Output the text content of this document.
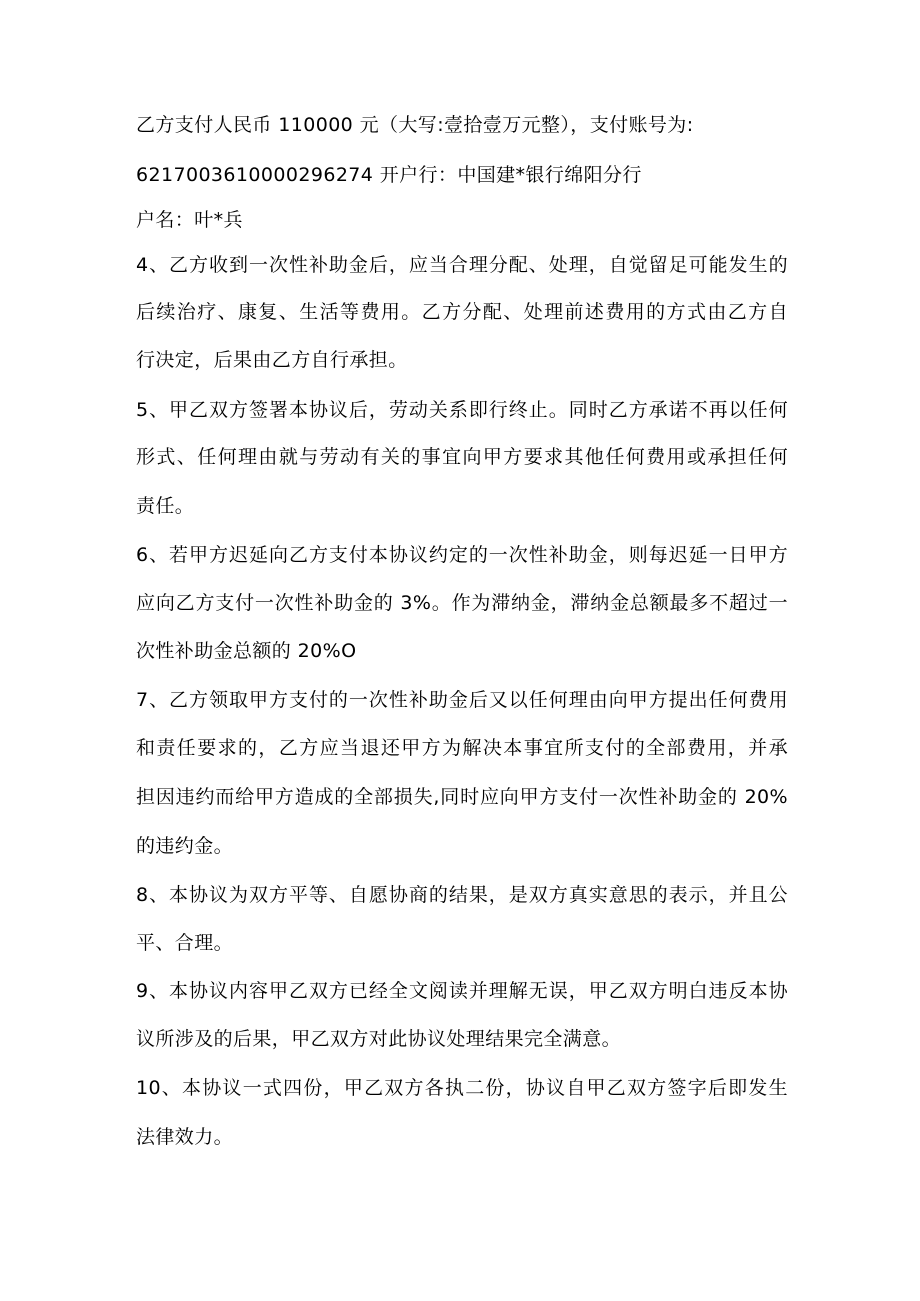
乙方支付人民币 110000 元（大写:壹拾壹万元整），支付账号为:
6217003610000296274 开户行：中国建*银行绵阳分行
户名：叶*兵
4、乙方收到一次性补助金后，应当合理分配、处理，自觉留足可能发生的
后续治疗、康复、生活等费用。乙方分配、处理前述费用的方式由乙方自
行决定，后果由乙方自行承担。
5、甲乙双方签署本协议后，劳动关系即行终止。同时乙方承诺不再以任何
形式、任何理由就与劳动有关的事宜向甲方要求其他任何费用或承担任何
责任。
6、若甲方迟延向乙方支付本协议约定的一次性补助金，则每迟延一日甲方
应向乙方支付一次性补助金的 3%。作为滞纳金，滞纳金总额最多不超过一
次性补助金总额的 20%O
7、乙方领取甲方支付的一次性补助金后又以任何理由向甲方提出任何费用
和责任要求的，乙方应当退还甲方为解决本事宜所支付的全部费用，并承
担因违约而给甲方造成的全部损失,同时应向甲方支付一次性补助金的 20%
的违约金。
8、本协议为双方平等、自愿协商的结果，是双方真实意思的表示，并且公
平、合理。
9、本协议内容甲乙双方已经全文阅读并理解无误，甲乙双方明白违反本协
议所涉及的后果，甲乙双方对此协议处理结果完全满意。
10、本协议一式四份，甲乙双方各执二份，协议自甲乙双方签字后即发生
法律效力。
